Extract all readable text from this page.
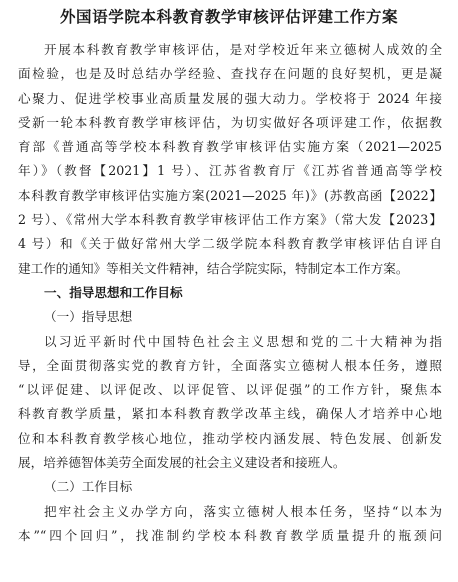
外国语学院本科教育教学审核评估评建工作方案
开展本科教育教学审核评估，是对学校近年来立德树人成效的全
面检验，也是及时总结办学经验、查找存在问题的良好契机，更是凝
心聚力、促进学校事业高质量发展的强大动力。学校将于 2024 年接
受新一轮本科教育教学审核评估，为切实做好各项评建工作，依据教
育部《普通高等学校本科教育教学审核评估实施方案（2021—2025
年）》（教督【2021】1 号）、江苏省教育厅《江苏省普通高等学校
本科教育教学审核评估实施方案(2021—2025 年)》(苏教高函【2022】
2 号）、《常州大学本科教育教学审核评估工作方案》（常大发【2023】
4 号）和《关于做好常州大学二级学院本科教育教学审核评估自评自
建工作的通知》等相关文件精神，结合学院实际，特制定本工作方案。
一、指导思想和工作目标
（一）指导思想
以习近平新时代中国特色社会主义思想和党的二十大精神为指
导，全面贯彻落实党的教育方针，全面落实立德树人根本任务，遵照
“以评促建、以评促改、以评促管、以评促强”的工作方针，聚焦本
科教育教学质量，紧扣本科教育教学改革主线，确保人才培养中心地
位和本科教育教学核心地位，推动学校内涵发展、特色发展、创新发
展，培养德智体美劳全面发展的社会主义建设者和接班人。
（二）工作目标
把牢社会主义办学方向，落实立德树人根本任务，坚持“以本为
本”“四个回归”，找准制约学校本科教育教学质量提升的瓶颈问
